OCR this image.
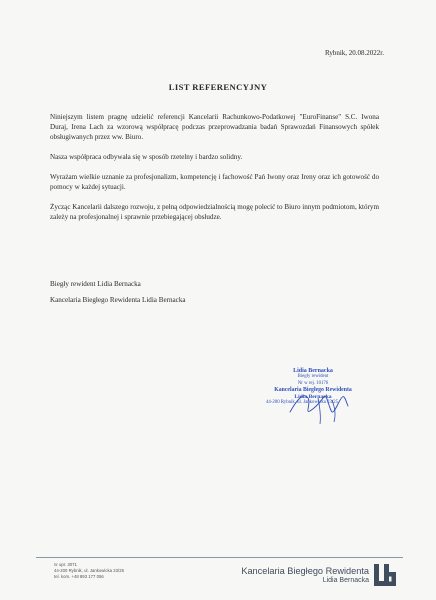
Rybnik, 20.08.2022r.
LIST REFERENCYJNY

Niniejszym listem pragnę udzielić referencji Kancelarii Rachunkowo-Podatkowej "EuroFinanse" S.C. Iwona Duraj, Irena Lach za wzorową współpracę podczas przeprowadzania badań Sprawozdań Finansowych spółek obsługiwanych przez ww. Biuro.

Nasza współpraca odbywała się w sposób rzetelny i bardzo solidny.

Wyrażam wielkie uznanie za profesjonalizm, kompetencję i fachowość Pań Iwony oraz Ireny oraz ich gotowość do pomocy w każdej sytuacji.

Życząc Kancelarii dalszego rozwoju, z pełną odpowiedzialnością mogę polecić to Biuro innym podmiotom, którym zależy na profesjonalnej i sprawnie przebiegającej obsłudze.

Biegły rewident Lidia Bernacka

Kancelaria Biegłego Rewidenta Lidia Bernacka

Lidia Bernacka
Biegły rewident
Nr w rej. 10176
Kancelaria Biegłego Rewidenta
Lidia Bernacka
44-200 Rybnik, ul. Jankowicka 23/25
nr upr. 3071
44-200 Rybnik, ul. Jankowicka 23/25
tel. kom. +48 893 177 056
Kancelaria Biegłego Rewidenta
Lidia Bernacka
